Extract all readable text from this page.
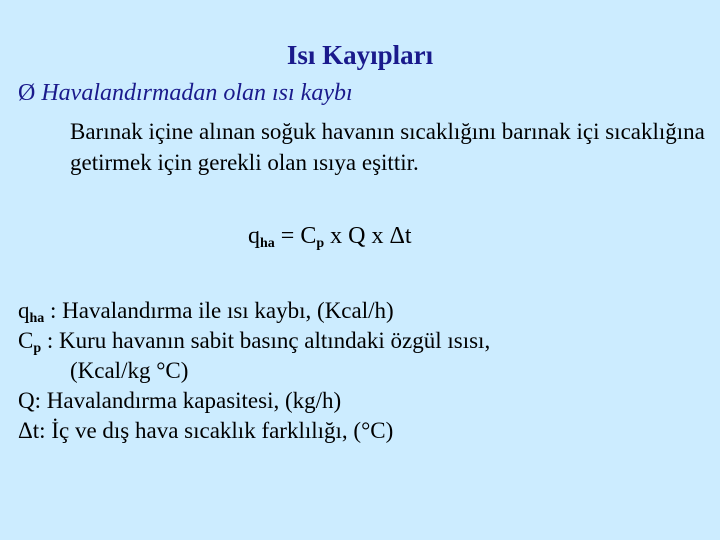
Isı Kayıpları
Ø Havalandırmadan olan ısı kaybı
Barınak içine alınan soğuk havanın sıcaklığını barınak içi sıcaklığına getirmek için gerekli olan ısıya eşittir.
$q_{ha} = C_p$ x Q x Δt
$q_{ha}$ : Havalandırma ile ısı kaybı, (Kcal/h)
$C_p$ : Kuru havanın sabit basınç altındaki özgül ısısı,
(Kcal/kg °C)
Q: Havalandırma kapasitesi, (kg/h)
Δt: İç ve dış hava sıcaklık farklılığı, (°C)
